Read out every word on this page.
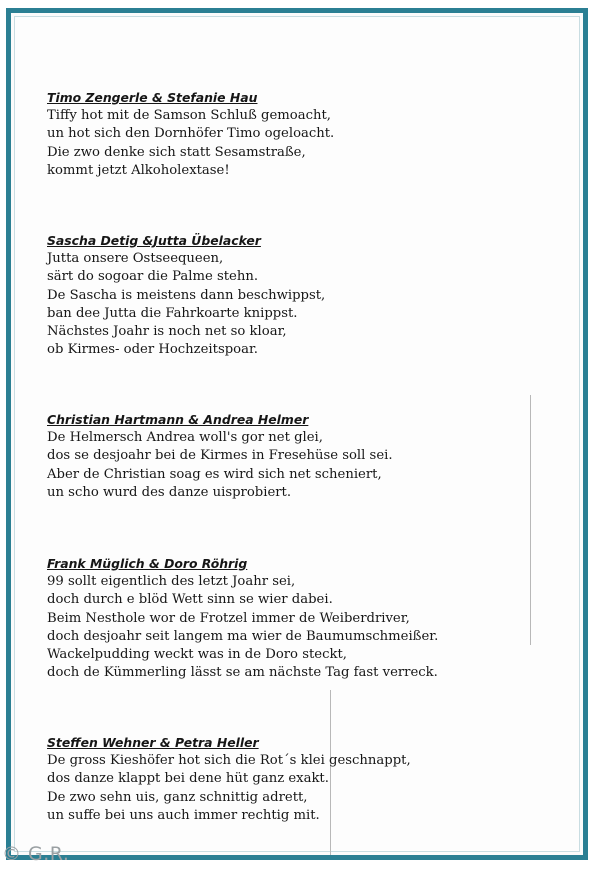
Timo Zengerle & Stefanie Hau
Tiffy hot mit de Samson Schluß gemoacht,
un hot sich den Dornhöfer Timo ogeloacht.
Die zwo denke sich statt Sesamstraße,
kommt jetzt Alkoholextase!
Sascha Detig &Jutta Übelacker
Jutta onsere Ostseequeen,
särt do sogoar die Palme stehn.
De Sascha is meistens dann beschwippst,
ban dee Jutta die Fahrkoarte knippst.
Nächstes Joahr is noch net so kloar,
ob Kirmes- oder Hochzeitspoar.
Christian Hartmann & Andrea Helmer
De Helmersch Andrea woll's gor net glei,
dos se desjoahr bei de Kirmes in Fresehüse soll sei.
Aber de Christian soag es wird sich net scheniert,
un scho wurd des danze uisprobiert.
Frank Müglich & Doro Röhrig
99 sollt eigentlich des letzt Joahr sei,
doch durch e blöd Wett sinn se wier dabei.
Beim Nesthole wor de Frotzel immer de Weiberdriver,
doch desjoahr seit langem ma wier de Baumumschmeißer.
Wackelpudding weckt was in de Doro steckt,
doch de Kümmerling lässt se am nächste Tag fast verreck.
Steffen Wehner & Petra Heller
De gross Kieshöfer hot sich die Rot´s klei geschnappt,
dos danze klappt bei dene hüt ganz exakt.
De zwo sehn uis, ganz schnittig adrett,
un suffe bei uns auch immer rechtig mit.
© G.R.
